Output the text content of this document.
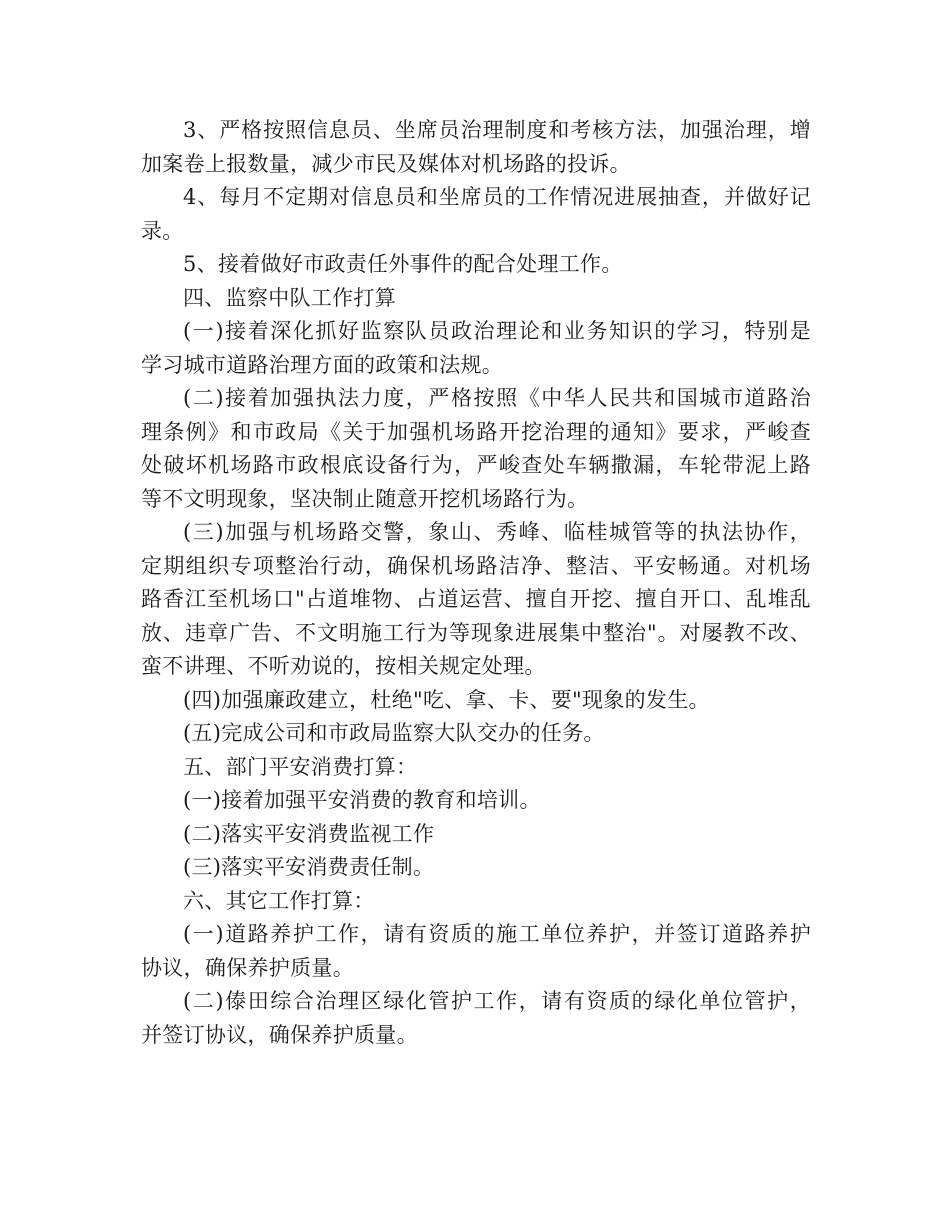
3、严格按照信息员、坐席员治理制度和考核方法，加强治理，增
加案卷上报数量，减少市民及媒体对机场路的投诉。
4、每月不定期对信息员和坐席员的工作情况进展抽查，并做好记
录。
5、接着做好市政责任外事件的配合处理工作。
四、监察中队工作打算
(一)接着深化抓好监察队员政治理论和业务知识的学习，特别是
学习城市道路治理方面的政策和法规。
(二)接着加强执法力度，严格按照《中华人民共和国城市道路治
理条例》和市政局《关于加强机场路开挖治理的通知》要求，严峻查
处破坏机场路市政根底设备行为，严峻查处车辆撒漏，车轮带泥上路
等不文明现象，坚决制止随意开挖机场路行为。
(三)加强与机场路交警，象山、秀峰、临桂城管等的执法协作，
定期组织专项整治行动，确保机场路洁净、整洁、平安畅通。对机场
路香江至机场口"占道堆物、占道运营、擅自开挖、擅自开口、乱堆乱
放、违章广告、不文明施工行为等现象进展集中整治"。对屡教不改、
蛮不讲理、不听劝说的，按相关规定处理。
(四)加强廉政建立，杜绝"吃、拿、卡、要"现象的发生。
(五)完成公司和市政局监察大队交办的任务。
五、部门平安消费打算：
(一)接着加强平安消费的教育和培训。
(二)落实平安消费监视工作
(三)落实平安消费责任制。
六、其它工作打算：
(一)道路养护工作，请有资质的施工单位养护，并签订道路养护
协议，确保养护质量。
(二)傣田综合治理区绿化管护工作，请有资质的绿化单位管护，
并签订协议，确保养护质量。
